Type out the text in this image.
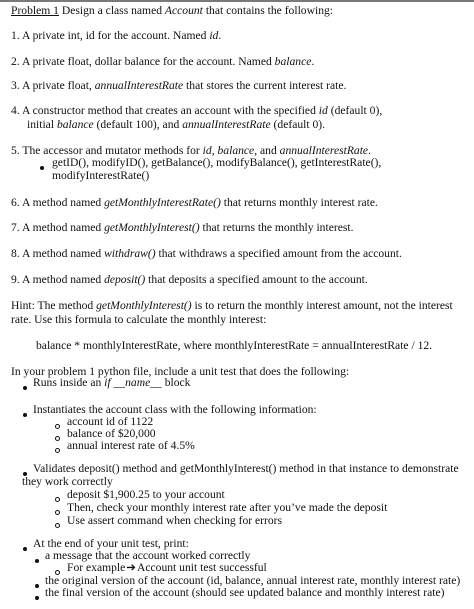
Problem 1 Design a class named Account that contains the following:
1. A private int, id for the account. Named id.
2. A private float, dollar balance for the account. Named balance.
3. A private float, annualInterestRate that stores the current interest rate.
4. A constructor method that creates an account with the specified id (default 0),
initial balance (default 100), and annualInterestRate (default 0).
5. The accessor and mutator methods for id, balance, and annualInterestRate.
getID(), modifyID(), getBalance(), modifyBalance(), getInterestRate(),
modifyInterestRate()
6. A method named getMonthlyInterestRate() that returns monthly interest rate.
7. A method named getMonthlyInterest() that returns the monthly interest.
8. A method named withdraw() that withdraws a specified amount from the account.
9. A method named deposit() that deposits a specified amount to the account.
Hint: The method getMonthlyInterest() is to return the monthly interest amount, not the interest
rate. Use this formula to calculate the monthly interest:
balance * monthlyInterestRate, where monthlyInterestRate = annualInterestRate / 12.
In your problem 1 python file, include a unit test that does the following:
Runs inside an if __name__ block
Instantiates the account class with the following information:
account id of 1122
balance of $20,000
annual interest rate of 4.5%
Validates deposit() method and getMonthlyInterest() method in that instance to demonstrate
they work correctly
deposit $1,900.25 to your account
Then, check your monthly interest rate after you’ve made the deposit
Use assert command when checking for errors
At the end of your unit test, print:
a message that the account worked correctly
For example➔Account unit test successful
the original version of the account (id, balance, annual interest rate, monthly interest rate)
the final version of the account (should see updated balance and monthly interest rate)
